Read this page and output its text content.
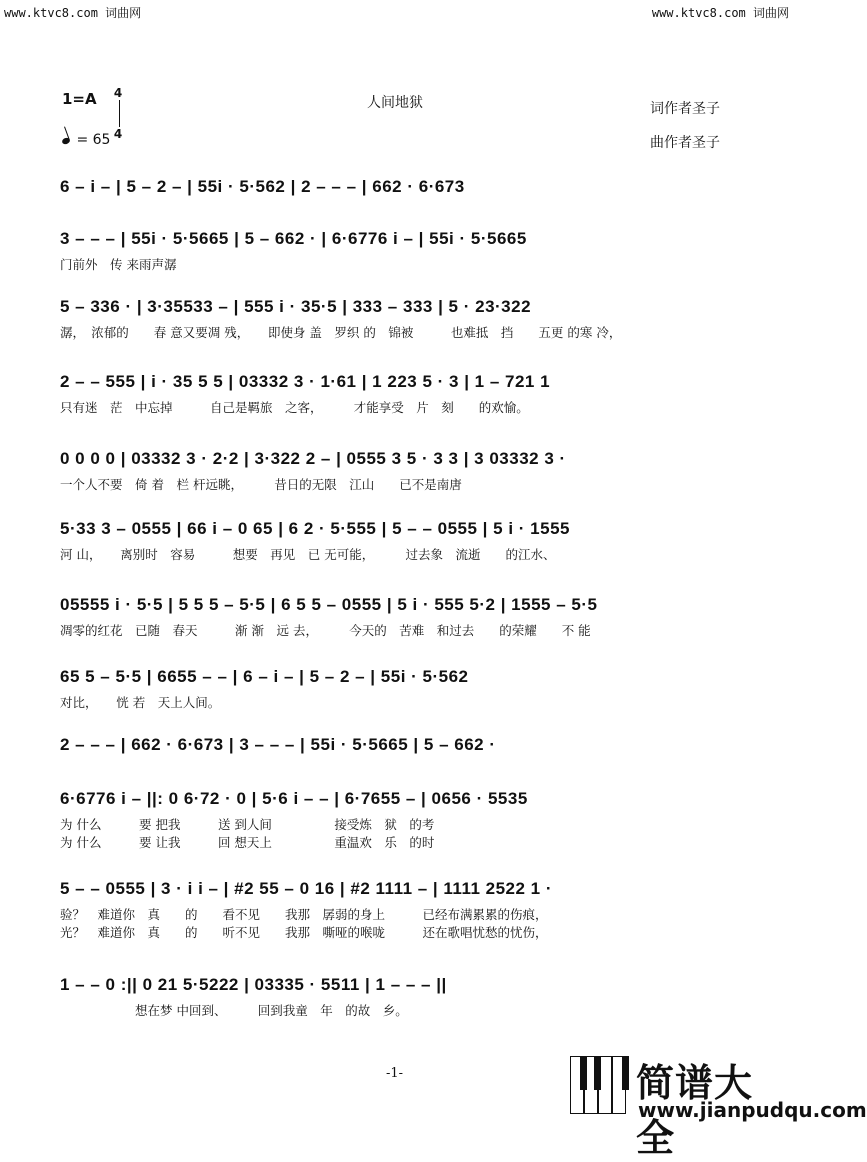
www.ktvc8.com 词曲网	www.ktvc8.com 词曲网
1=A 4
4
= 65
人间地狱	词作者圣子
曲作者圣子
6 – i – | 5 – 2 – | 55i · 5·562 | 2 – – – | 662 · 6·673
3 – – – | 55i · 5·5665 | 5 – 662 · | 6·6776 i – | 55i · 5·5665
门前外　传 来雨声潺
5 – 336 · | 3·35533 – | 555 i · 35·5 | 333 – 333 | 5 · 23·322
潺，　浓郁的　　春 意又要凋 残，　　即使身 盖　罗织 的　锦被　　　也难抵　挡　　五更 的寒 冷，
2 – – 555 | i · 35 5 5 | 03332 3 · 1·61 | 1 223 5 · 3 | 1 – 721 1
只有迷　茫　中忘掉　　　自己是羁旅　之客，　　　才能享受　片　刻　　的欢愉。
0 0 0 0 | 03332 3 · 2·2 | 3·322 2 – | 0555 3 5 · 3 3 | 3 03332 3 ·
一个人不要　倚 着　栏 杆远眺，　　　昔日的无限　江山　　已不是南唐
5·33 3 – 0555 | 66 i – 0 65 | 6 2 · 5·555 | 5 – – 0555 | 5 i · 1555
河 山，　　离别时　容易　　　想要　再见　已 无可能，　　　过去象　流逝　　的江水、
05555 i · 5·5 | 5 5 5 – 5·5 | 6 5 5 – 0555 | 5 i · 555 5·2 | 1555 – 5·5
凋零的红花　已随　春天　　　渐 渐　远 去，　　　今天的　苦难　和过去　　的荣耀　　不 能
65 5 – 5·5 | 6655 – – | 6 – i – | 5 – 2 – | 55i · 5·562
对比，　　恍 若　天上人间。
2 – – – | 662 · 6·673 | 3 – – – | 55i · 5·5665 | 5 – 662 ·
6·6776 i – ||: 0 6·72 · 0 | 5·6 i – – | 6·7655 – | 0656 · 5535
为 什么　　　要 把我　　　送 到人间　　　　　接受炼　狱　的考
为 什么　　　要 让我　　　回 想天上　　　　　重温欢　乐　的时
5 – – 0555 | 3 · i i – | #2 55 – 0 16 | #2 1111 – | 1111 2522 1 ·
验？　难道你　真　　的　　看不见　　我那　孱弱的身上　　　已经布满累累的伤痕，
光？　难道你　真　　的　　听不见　　我那　嘶哑的喉咙　　　还在歌唱忧愁的忧伤，
1 – – 0 :|| 0 21 5·5222 | 03335 · 5511 | 1 – – – ||
　　　　　　想在梦 中回到、　　　回到我童　年　的故　乡。
-1-	简谱大全
www.jianpudqu.com
